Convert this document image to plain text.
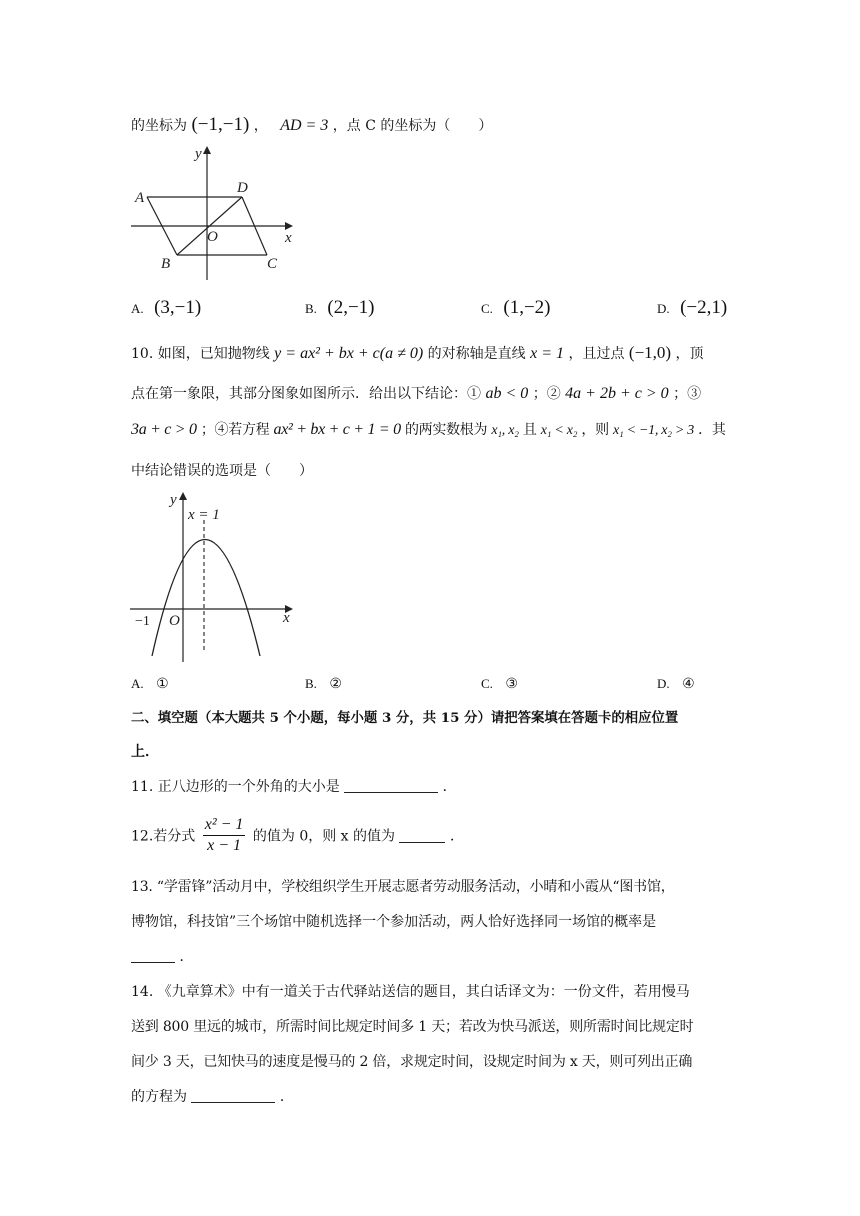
的坐标为 (−1,−1) ， AD = 3 ，点 C 的坐标为（　　）
y
A
D
O	x
B	C
A. (3,−1)	B. (2,−1)	C. (1,−2)	D. (−2,1)
10. 如图，已知抛物线 y = ax² + bx + c(a ≠ 0) 的对称轴是直线 x = 1 ，且过点 (−1,0) ，顶
点在第一象限，其部分图象如图所示．给出以下结论：① ab < 0 ；② 4a + 2b + c > 0 ；③
3a + c > 0 ；④若方程 ax² + bx + c + 1 = 0 的两实数根为 x₁, x₂ 且 x₁ < x₂ ，则 x₁ < −1, x₂ > 3 ．其
中结论错误的选项是（　　）
y
x = 1
−1 O	x
A. ①	B. ②	C. ③	D. ④
二、填空题（本大题共 5 个小题，每小题 3 分，共 15 分）请把答案填在答题卡的相应位置
上．
11. 正八边形的一个外角的大小是	．
12.若分式 $\frac{\text{x² − 1}}{x - 1}$ 的值为 0，则 x 的值为	．
13. “学雷锋”活动月中，学校组织学生开展志愿者劳动服务活动，小晴和小霞从“图书馆，
博物馆，科技馆”三个场馆中随机选择一个参加活动，两人恰好选择同一场馆的概率是
．
14. 《九章算术》中有一道关于古代驿站送信的题目，其白话译文为：一份文件，若用慢马
送到 800 里远的城市，所需时间比规定时间多 1 天；若改为快马派送，则所需时间比规定时
间少 3 天，已知快马的速度是慢马的 2 倍，求规定时间，设规定时间为 x 天，则可列出正确
的方程为	．
